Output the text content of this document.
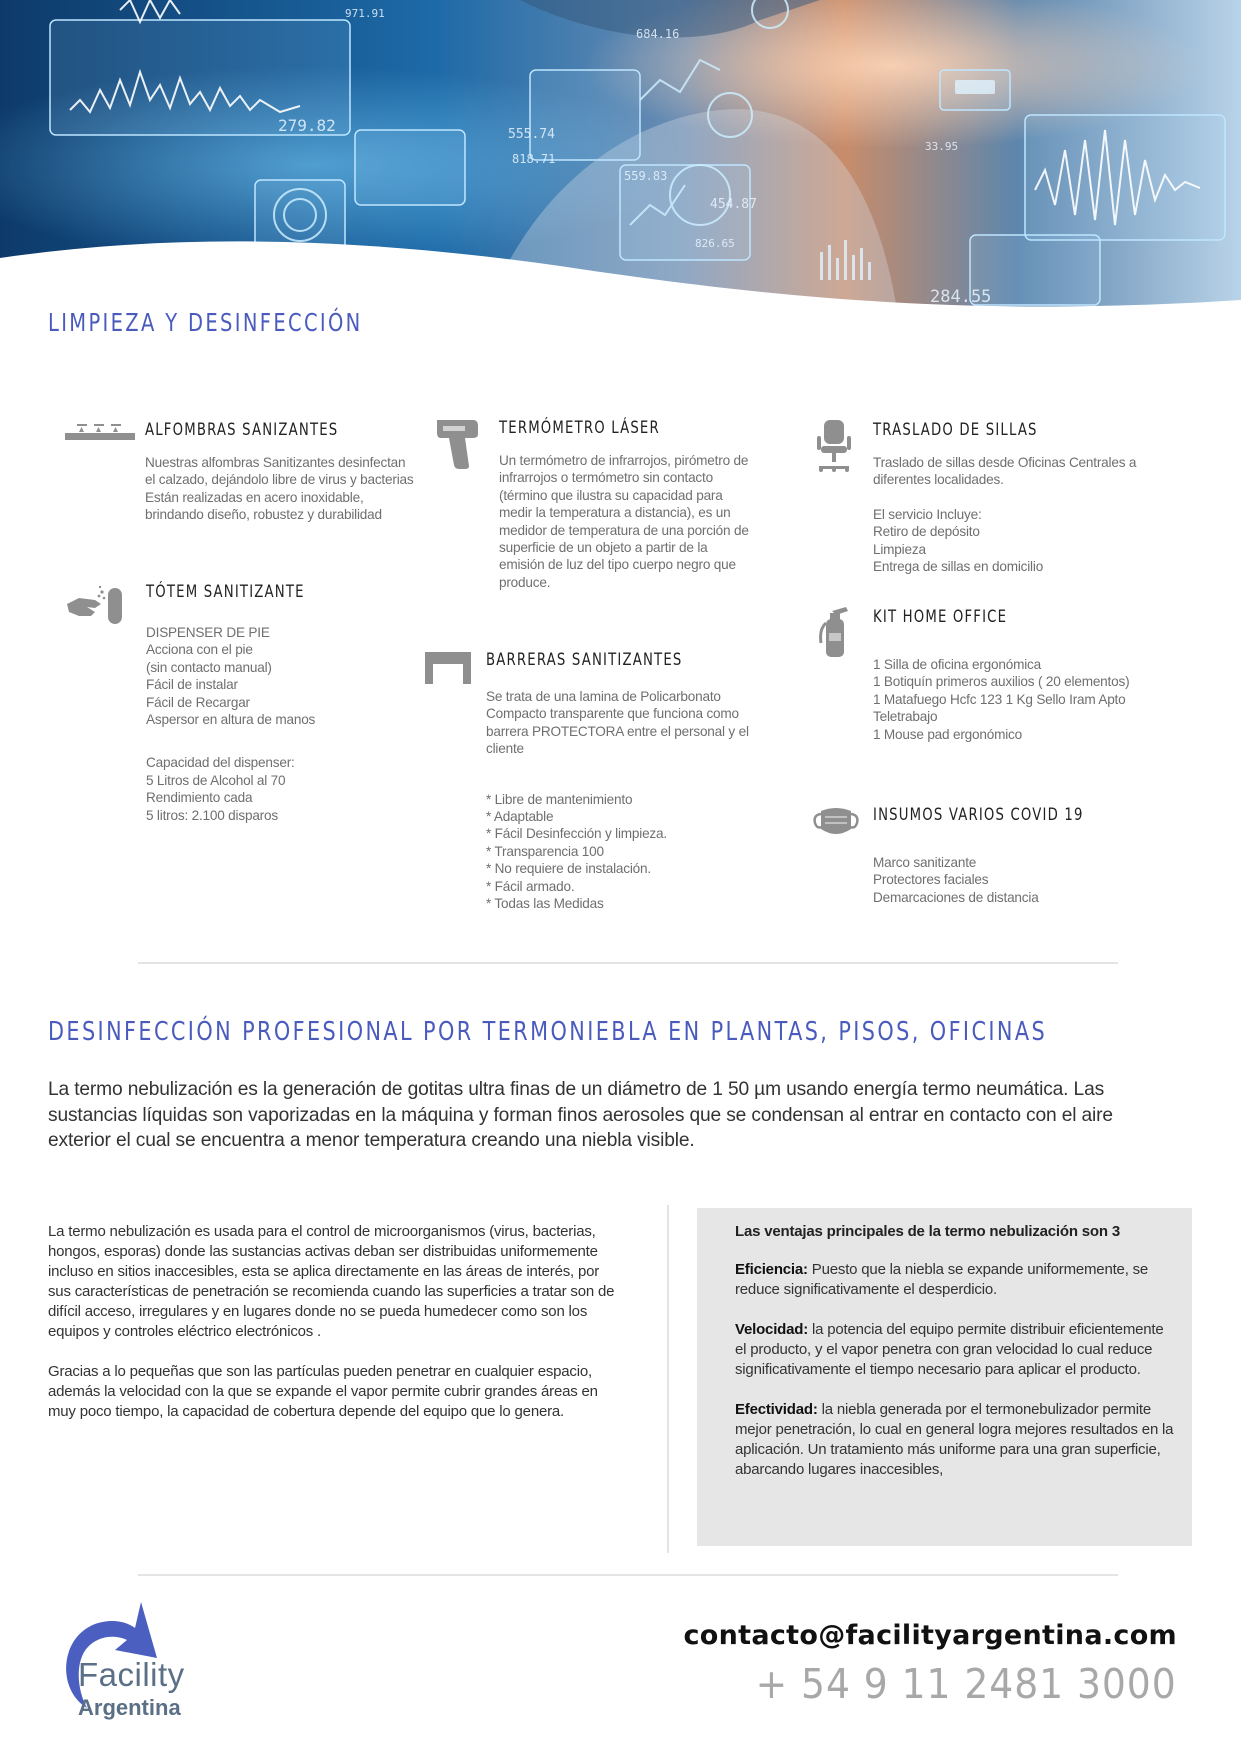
279.82	555.74
818.71
559.83
684.16
454.87
826.65
284.55
33.95
971.91
LIMPIEZA Y DESINFECCIÓN
ALFOMBRAS SANIZANTES

Nuestras alfombras Sanitizantes desinfectan el calzado, dejándolo libre de virus y bacterias Están realizadas en acero inoxidable, brindando diseño, robustez y durabilidad

TÓTEM SANITIZANTE
DISPENSER DE PIE
Acciona con el pie
(sin contacto manual)
Fácil de instalar
Fácil de Recargar
Aspersor en altura de manos
Capacidad del dispenser:
5 Litros de Alcohol al 70
Rendimiento cada
5 litros: 2.100 disparos
TERMÓMETRO LÁSER

Un termómetro de infrarrojos, pirómetro de infrarrojos o termómetro sin contacto (término que ilustra su capacidad para medir la temperatura a distancia), es un medidor de temperatura de una porción de superficie de un objeto a partir de la emisión de luz del tipo cuerpo negro que produce.

BARRERAS SANITIZANTES

Se trata de una lamina de Policarbonato Compacto transparente que funciona como barrera PROTECTORA entre el personal y el cliente

* Libre de mantenimiento
* Adaptable
* Fácil Desinfección y limpieza.
* Transparencia 100
* No requiere de instalación.
* Fácil armado.
* Todas las Medidas
TRASLADO DE SILLAS

Traslado de sillas desde Oficinas Centrales a diferentes localidades.

El servicio Incluye:
Retiro de depósito
Limpieza
Entrega de sillas en domicilio
KIT HOME OFFICE
1 Silla de oficina ergonómica
1 Botiquín primeros auxilios ( 20 elementos)
1 Matafuego Hcfc 123 1 Kg Sello Iram Apto Teletrabajo
1 Mouse pad ergonómico
INSUMOS VARIOS COVID 19
Marco sanitizante
Protectores faciales
Demarcaciones de distancia
DESINFECCIÓN PROFESIONAL POR TERMONIEBLA EN PLANTAS, PISOS, OFICINAS

La termo nebulización es la generación de gotitas ultra finas de un diámetro de 1 50 µm usando energía termo neumática. Las sustancias líquidas son vaporizadas en la máquina y forman finos aerosoles que se condensan al entrar en contacto con el aire exterior el cual se encuentra a menor temperatura creando una niebla visible.

La termo nebulización es usada para el control de microorganismos (virus, bacterias, hongos, esporas) donde las sustancias activas deban ser distribuidas uniformemente incluso en sitios inaccesibles, esta se aplica directamente en las áreas de interés, por sus características de penetración se recomienda cuando las superficies a tratar son de difícil acceso, irregulares y en lugares donde no se pueda humedecer como son los equipos y controles eléctrico electrónicos .

Gracias a lo pequeñas que son las partículas pueden penetrar en cualquier espacio, además la velocidad con la que se expande el vapor permite cubrir grandes áreas en muy poco tiempo, la capacidad de cobertura depende del equipo que lo genera.

Las ventajas principales de la termo nebulización son 3

Eficiencia: Puesto que la niebla se expande uniformemente, se reduce significativamente el desperdicio.

Velocidad: la potencia del equipo permite distribuir eficientemente el producto, y el vapor penetra con gran velocidad lo cual reduce significativamente el tiempo necesario para aplicar el producto.

Efectividad: la niebla generada por el termonebulizador permite mejor penetración, lo cual en general logra mejores resultados en la aplicación. Un tratamiento más uniforme para una gran superficie, abarcando lugares inaccesibles,

Facility
Argentina
contacto@facilityargentina.com
+ 54 9 11 2481 3000
